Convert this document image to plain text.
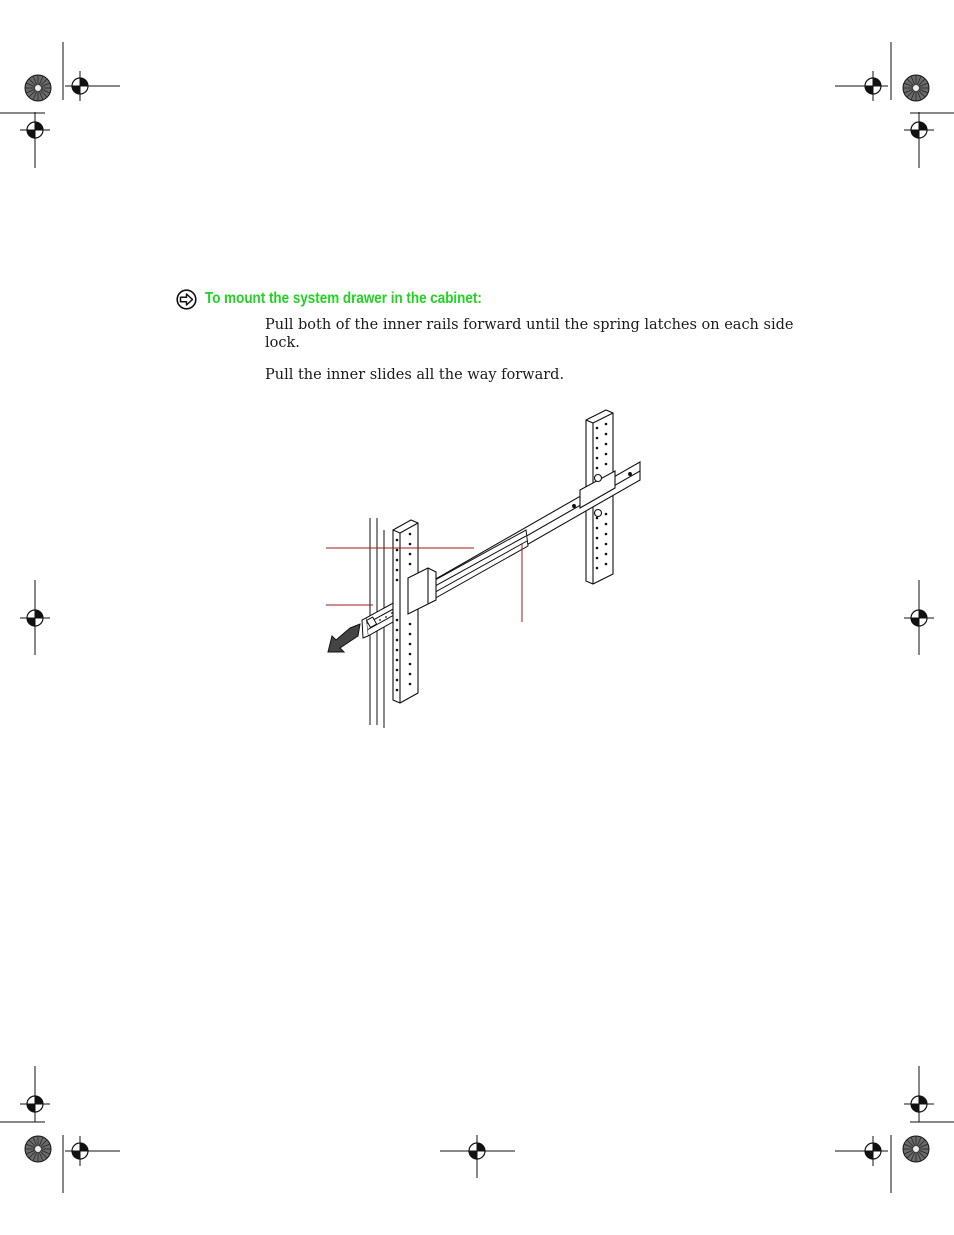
To mount the system drawer in the cabinet:

Pull both of the inner rails forward until the spring latches on each side lock.

Pull the inner slides all the way forward.
